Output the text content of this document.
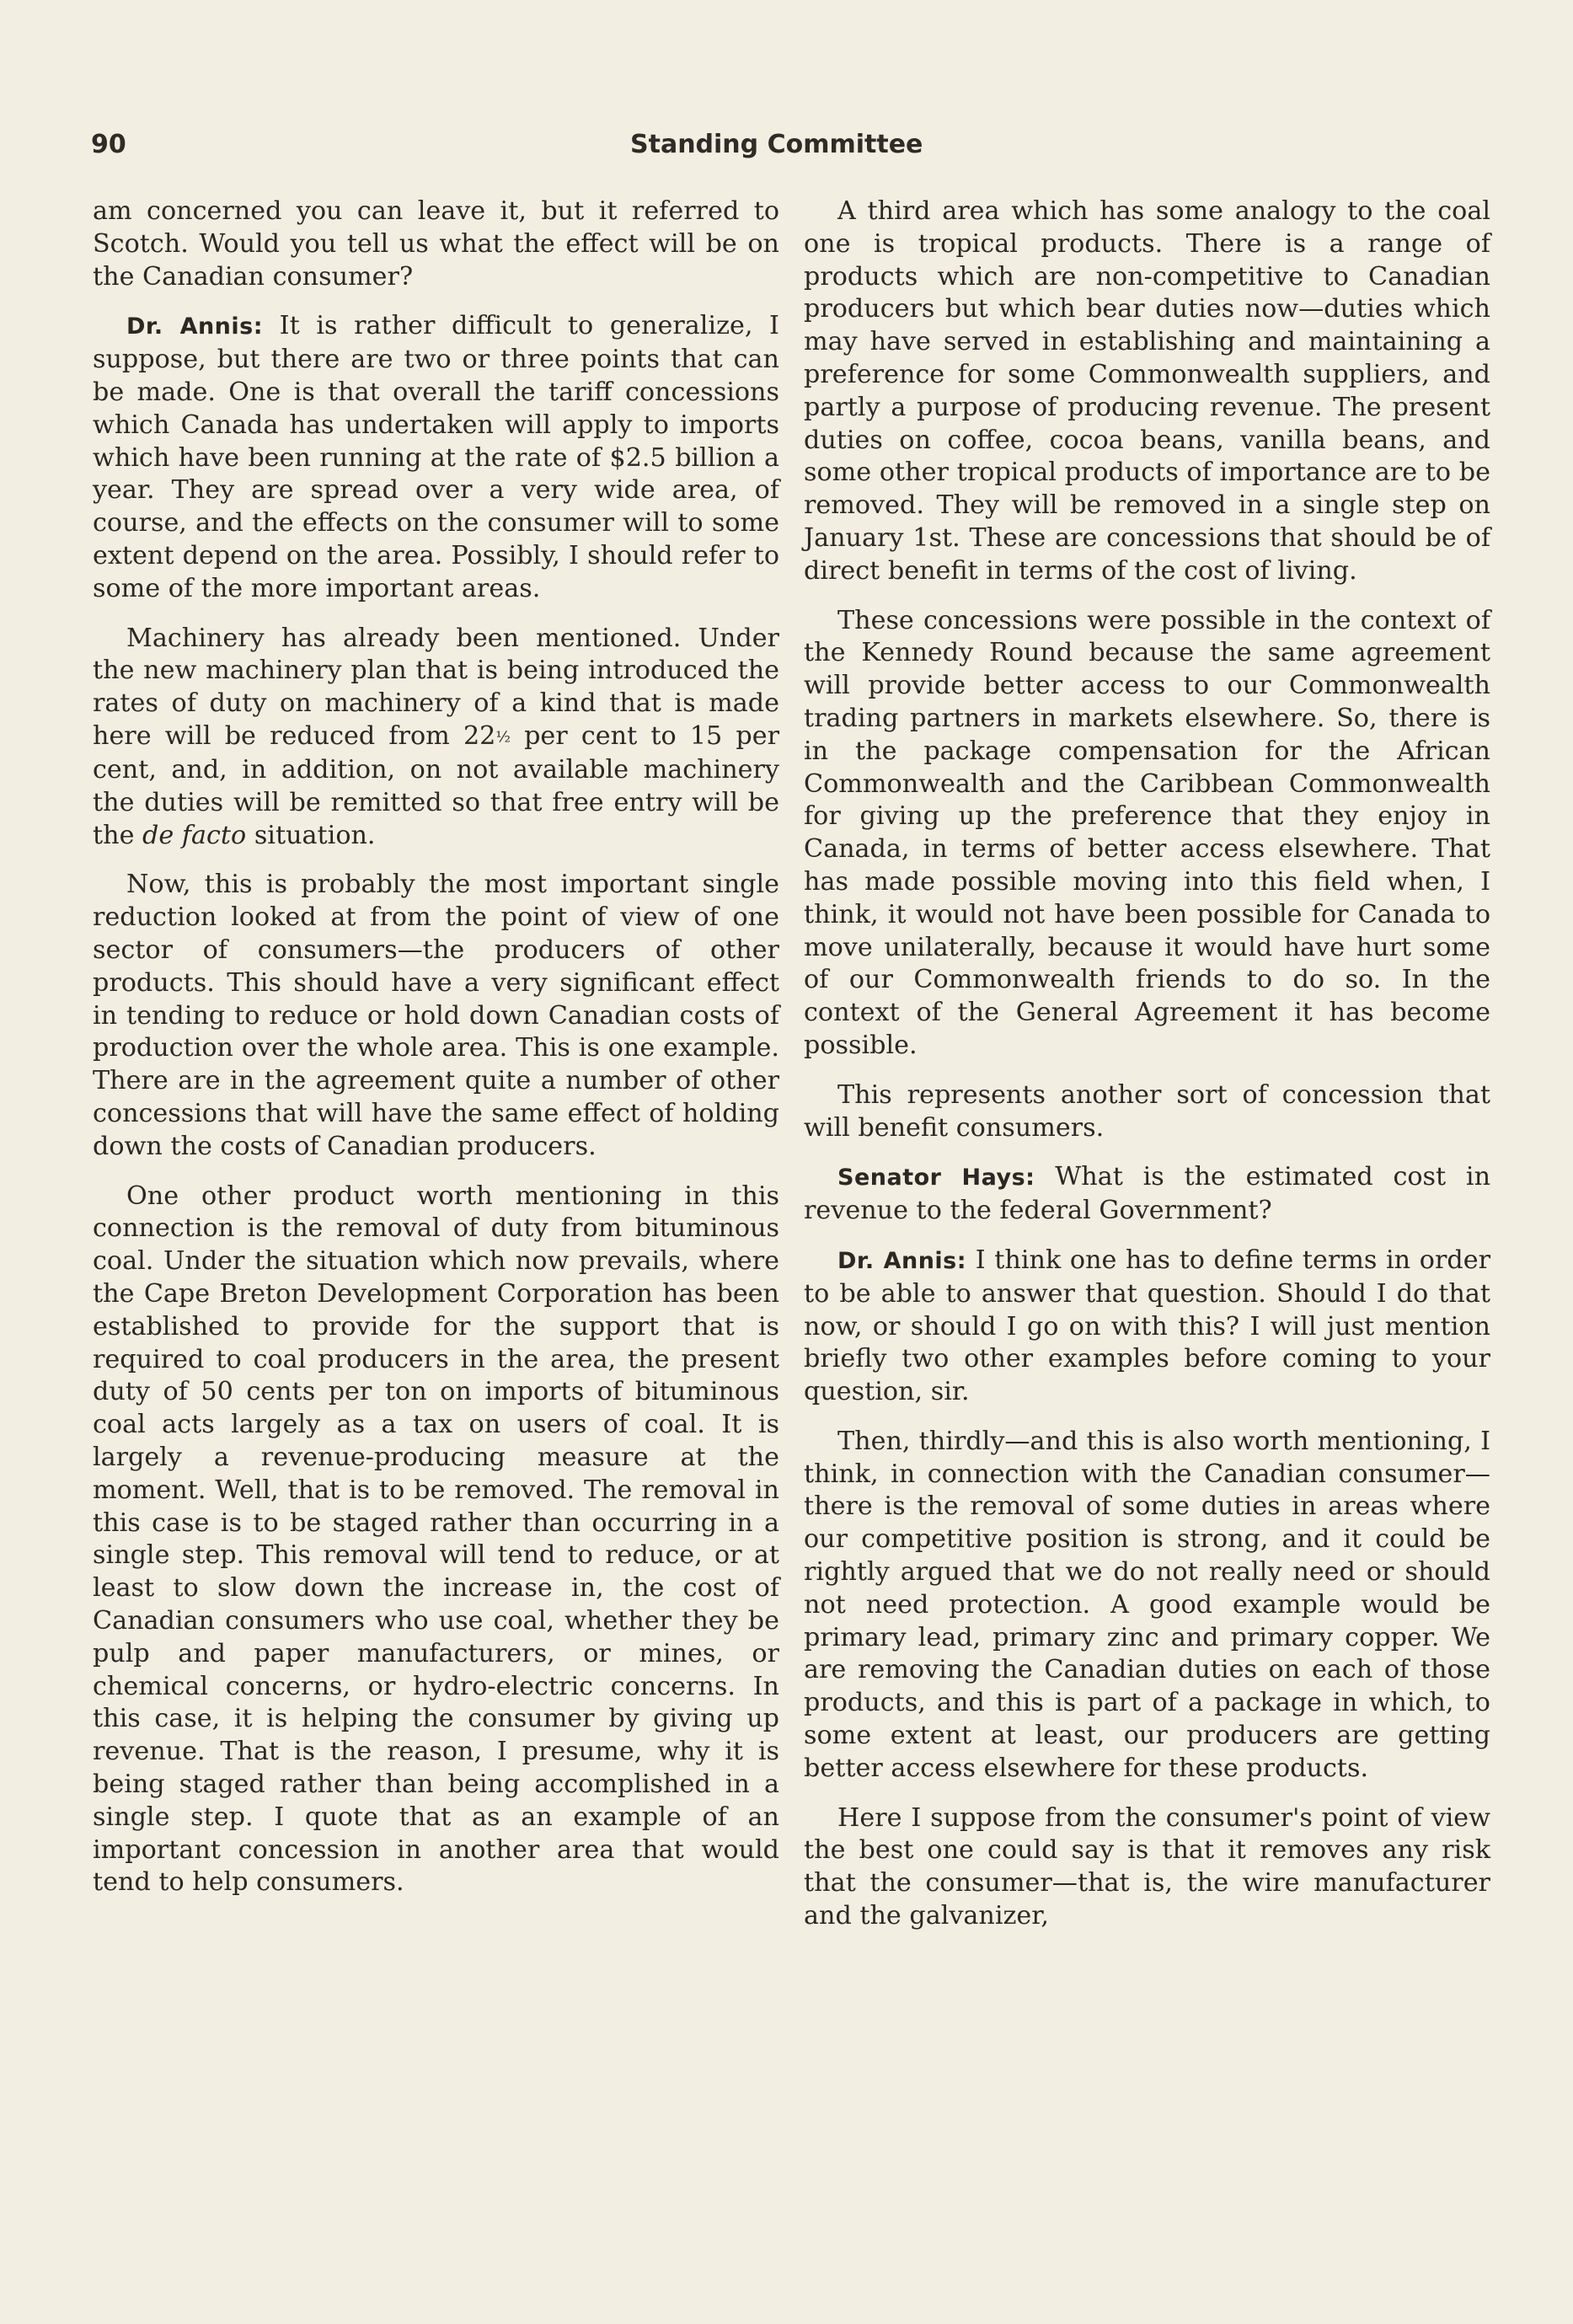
90	Standing Committee

am concerned you can leave it, but it referred to Scotch. Would you tell us what the effect will be on the Canadian consumer?

Dr. Annis: It is rather difficult to generalize, I suppose, but there are two or three points that can be made. One is that overall the tariff concessions which Canada has undertaken will apply to imports which have been running at the rate of $2.5 billion a year. They are spread over a very wide area, of course, and the effects on the consumer will to some extent depend on the area. Possibly, I should refer to some of the more important areas.

Machinery has already been mentioned. Under the new machinery plan that is being introduced the rates of duty on machinery of a kind that is made here will be reduced from 22½ per cent to 15 per cent, and, in addition, on not available machinery the duties will be remitted so that free entry will be the de facto situation.

Now, this is probably the most important single reduction looked at from the point of view of one sector of consumers—the producers of other products. This should have a very significant effect in tending to reduce or hold down Canadian costs of production over the whole area. This is one example. There are in the agreement quite a number of other concessions that will have the same effect of holding down the costs of Canadian producers.

One other product worth mentioning in this connection is the removal of duty from bituminous coal. Under the situation which now prevails, where the Cape Breton Development Corporation has been established to provide for the support that is required to coal producers in the area, the present duty of 50 cents per ton on imports of bituminous coal acts largely as a tax on users of coal. It is largely a revenue-producing measure at the moment. Well, that is to be removed. The removal in this case is to be staged rather than occurring in a single step. This removal will tend to reduce, or at least to slow down the increase in, the cost of Canadian consumers who use coal, whether they be pulp and paper manufacturers, or mines, or chemical concerns, or hydro-electric concerns. In this case, it is helping the consumer by giving up revenue. That is the reason, I presume, why it is being staged rather than being accomplished in a single step. I quote that as an example of an important concession in another area that would tend to help consumers.

A third area which has some analogy to the coal one is tropical products. There is a range of products which are non-competitive to Canadian producers but which bear duties now—duties which may have served in establishing and maintaining a preference for some Commonwealth suppliers, and partly a purpose of producing revenue. The present duties on coffee, cocoa beans, vanilla beans, and some other tropical products of importance are to be removed. They will be removed in a single step on January 1st. These are concessions that should be of direct benefit in terms of the cost of living.

These concessions were possible in the context of the Kennedy Round because the same agreement will provide better access to our Commonwealth trading partners in markets elsewhere. So, there is in the package compensation for the African Commonwealth and the Caribbean Commonwealth for giving up the preference that they enjoy in Canada, in terms of better access elsewhere. That has made possible moving into this field when, I think, it would not have been possible for Canada to move unilaterally, because it would have hurt some of our Commonwealth friends to do so. In the context of the General Agreement it has become possible.

This represents another sort of concession that will benefit consumers.

Senator Hays: What is the estimated cost in revenue to the federal Government?

Dr. Annis: I think one has to define terms in order to be able to answer that question. Should I do that now, or should I go on with this? I will just mention briefly two other examples before coming to your question, sir.

Then, thirdly—and this is also worth mentioning, I think, in connection with the Canadian consumer—there is the removal of some duties in areas where our competitive position is strong, and it could be rightly argued that we do not really need or should not need protection. A good example would be primary lead, primary zinc and primary copper. We are removing the Canadian duties on each of those products, and this is part of a package in which, to some extent at least, our producers are getting better access elsewhere for these products.

Here I suppose from the consumer's point of view the best one could say is that it removes any risk that the consumer—that is, the wire manufacturer and the galvanizer,
